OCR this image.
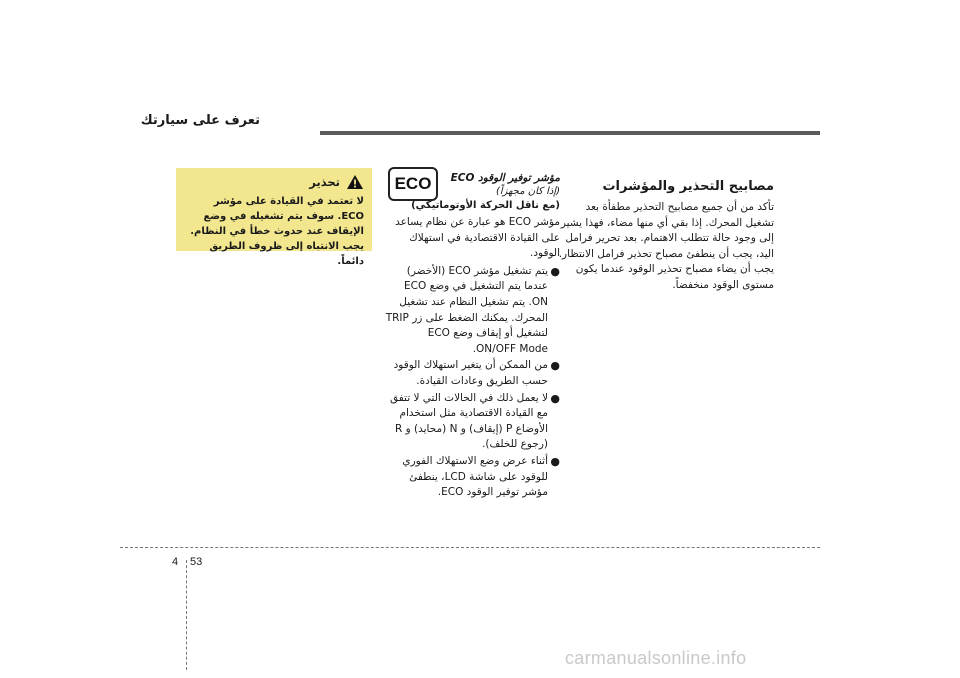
تعرف على سيارتك
مصابيح التحذير والمؤشرات

تأكد من أن جميع مصابيح التحذير مطفأة بعد تشغيل المحرك. إذا بقي أي منها مضاء، فهذا يشير إلى وجود حالة تتطلب الاهتمام. بعد تحرير فرامل اليد، يجب أن ينطفئ مصباح تحذير فرامل الانتظار. يجب أن يضاء مصباح تحذير الوقود عندما يكون مستوى الوقود منخفضاً.

مؤشر توفير الوقود ECO
(إذا كان مجهزاً)
(مع ناقل الحركة الأوتوماتيكي)

مؤشر ECO هو عبارة عن نظام يساعد على القيادة الاقتصادية في استهلاك الوقود.

●
يتم تشغيل مؤشر ECO (الأخضر) عندما يتم التشغيل في وضع ECO ON. يتم تشغيل النظام عند تشغيل المحرك. يمكنك الضغط على زر TRIP لتشغيل أو إيقاف وضع ECO ON/OFF Mode.
●
من الممكن أن يتغير استهلاك الوقود حسب الطريق وعادات القيادة.
●
لا يعمل ذلك في الحالات التي لا تتفق مع القيادة الاقتصادية مثل استخدام الأوضاع P (إيقاف) و N (محايد) و R (رجوع للخلف).
●
أثناء عرض وضع الاستهلاك الفوري للوقود على شاشة LCD، ينطفئ مؤشر توفير الوقود ECO.
ECO
تحذير

لا تعتمد في القيادة على مؤشر ECO. سوف يتم تشغيله في وضع الإيقاف عند حدوث خطأ في النظام. يجب الانتباه إلى ظروف الطريق دائماً.

4 53
carmanualsonline.info
